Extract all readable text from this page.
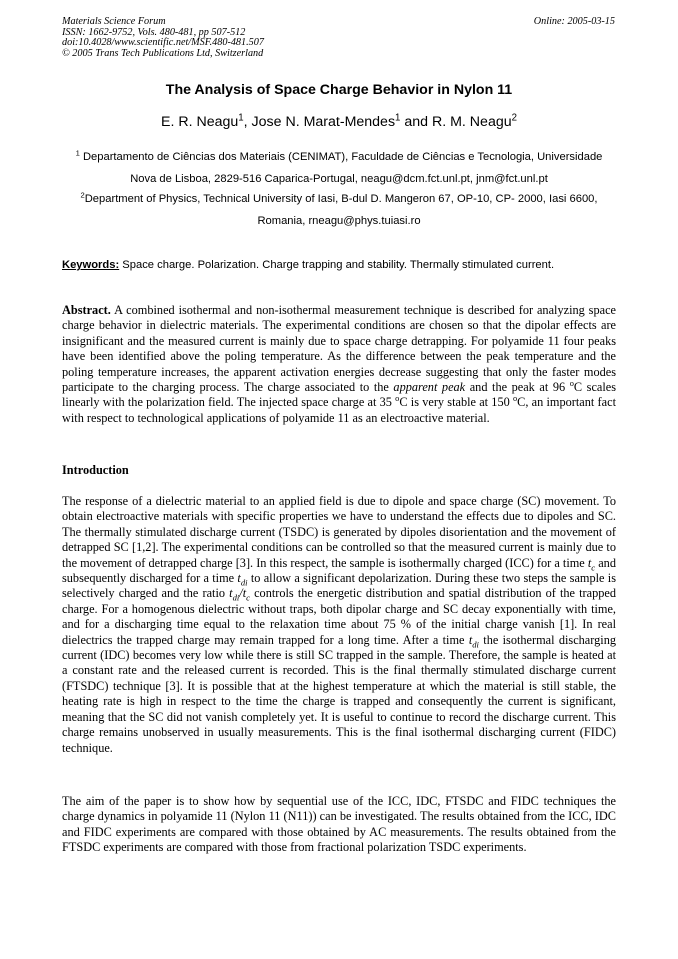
Materials Science Forum
ISSN: 1662-9752, Vols. 480-481, pp 507-512
doi:10.4028/www.scientific.net/MSF.480-481.507
© 2005 Trans Tech Publications Ltd, Switzerland
Online: 2005-03-15
The Analysis of Space Charge Behavior in Nylon 11
E. R. Neagu$^1$, Jose N. Marat-Mendes$^1$ and R. M. Neagu$^2$
$^1$ Departamento de Ciências dos Materiais (CENIMAT), Faculdade de Ciências e Tecnologia, Universidade Nova de Lisboa, 2829-516 Caparica-Portugal, neagu@dcm.fct.unl.pt, jnm@fct.unl.pt
$^2$Department of Physics, Technical University of Iasi, B-dul D. Mangeron 67, OP-10, CP- 2000, Iasi 6600, Romania, rneagu@phys.tuiasi.ro
Keywords: Space charge. Polarization. Charge trapping and stability. Thermally stimulated current.
Abstract. A combined isothermal and non-isothermal measurement technique is described for analyzing space charge behavior in dielectric materials. The experimental conditions are chosen so that the dipolar effects are insignificant and the measured current is mainly due to space charge detrapping. For polyamide 11 four peaks have been identified above the poling temperature. As the difference between the peak temperature and the poling temperature increases, the apparent activation energies decrease suggesting that only the faster modes participate to the charging process. The charge associated to the apparent peak and the peak at 96 $^o$C scales linearly with the polarization field. The injected space charge at 35 $^o$C is very stable at 150 $^o$C, an important fact with respect to technological applications of polyamide 11 as an electroactive material.
Introduction
The response of a dielectric material to an applied field is due to dipole and space charge (SC) movement. To obtain electroactive materials with specific properties we have to understand the effects due to dipoles and SC. The thermally stimulated discharge current (TSDC) is generated by dipoles disorientation and the movement of detrapped SC [1,2]. The experimental conditions can be controlled so that the measured current is mainly due to the movement of detrapped charge [3]. In this respect, the sample is isothermally charged (ICC) for a time $t_c$ and subsequently discharged for a time $t_{di}$ to allow a significant depolarization. During these two steps the sample is selectively charged and the ratio $t_{di}/t_c$ controls the energetic distribution and spatial distribution of the trapped charge. For a homogenous dielectric without traps, both dipolar charge and SC decay exponentially with time, and for a discharging time equal to the relaxation time about 75 % of the initial charge vanish [1]. In real dielectrics the trapped charge may remain trapped for a long time. After a time $t_{di}$ the isothermal discharging current (IDC) becomes very low while there is still SC trapped in the sample. Therefore, the sample is heated at a constant rate and the released current is recorded. This is the final thermally stimulated discharge current (FTSDC) technique [3]. It is possible that at the highest temperature at which the material is still stable, the heating rate is high in respect to the time the charge is trapped and consequently the current is significant, meaning that the SC did not vanish completely yet. It is useful to continue to record the discharge current. This charge remains unobserved in usually measurements. This is the final isothermal discharging current (FIDC) technique.
The aim of the paper is to show how by sequential use of the ICC, IDC, FTSDC and FIDC techniques the charge dynamics in polyamide 11 (Nylon 11 (N11)) can be investigated. The results obtained from the ICC, IDC and FIDC experiments are compared with those obtained by AC measurements. The results obtained from the FTSDC experiments are compared with those from fractional polarization TSDC experiments.
